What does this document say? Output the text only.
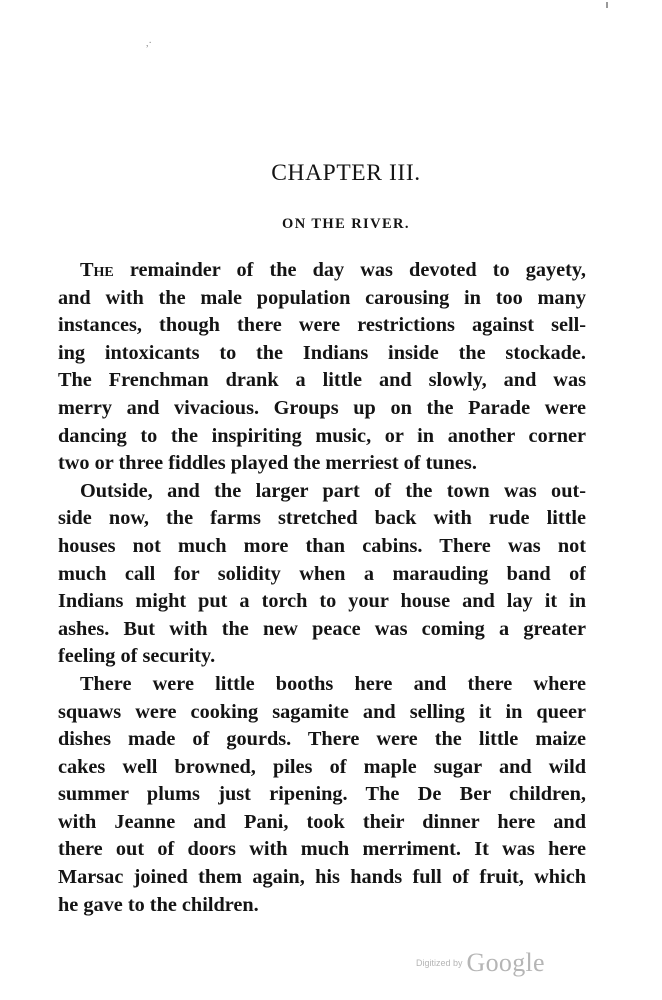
,·
CHAPTER III.
ON THE RIVER.

The remainder of the day was devoted to gayety,
and with the male population carousing in too many
instances, though there were restrictions against sell-
ing intoxicants to the Indians inside the stockade.
The Frenchman drank a little and slowly, and was
merry and vivacious. Groups up on the Parade were
dancing to the inspiriting music, or in another corner
two or three fiddles played the merriest of tunes.

Outside, and the larger part of the town was out-
side now, the farms stretched back with rude little
houses not much more than cabins. There was not
much call for solidity when a marauding band of
Indians might put a torch to your house and lay it in
ashes. But with the new peace was coming a greater
feeling of security.

There were little booths here and there where
squaws were cooking sagamite and selling it in queer
dishes made of gourds. There were the little maize
cakes well browned, piles of maple sugar and wild
summer plums just ripening. The De Ber children,
with Jeanne and Pani, took their dinner here and
there out of doors with much merriment. It was here
Marsac joined them again, his hands full of fruit, which
he gave to the children.

Digitized by Google
